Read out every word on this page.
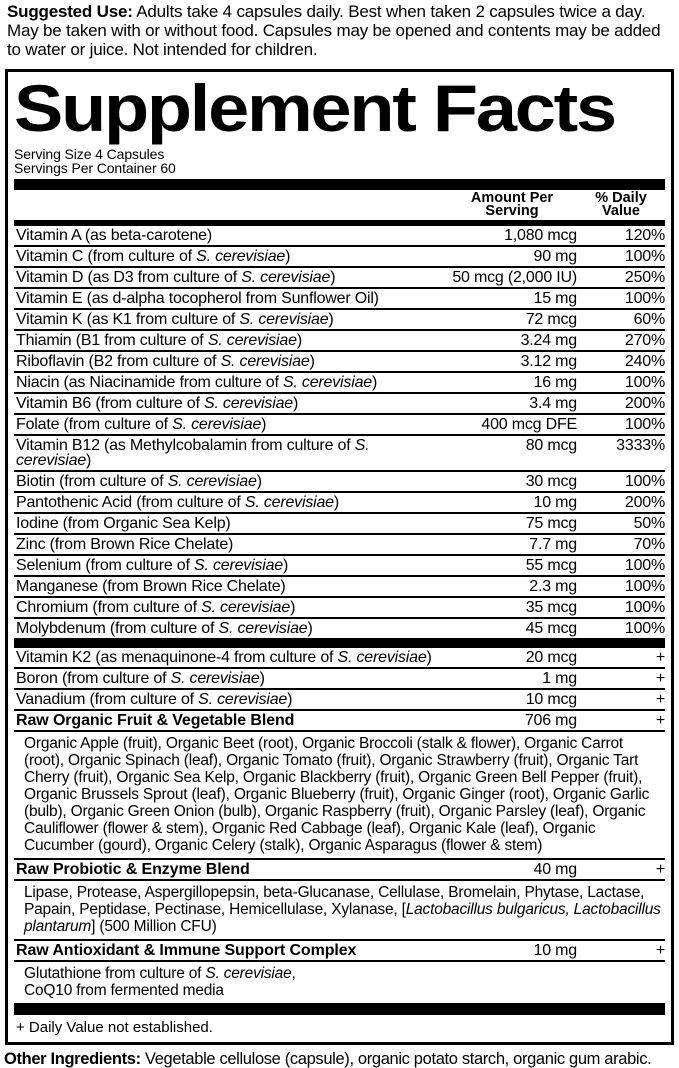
Suggested Use: Adults take 4 capsules daily. Best when taken 2 capsules twice a day. May be taken with or without food. Capsules may be opened and contents may be added to water or juice. Not intended for children.

Supplement Facts
Serving Size 4 Capsules
Servings Per Container 60
Amount Per
Serving
% Daily
Value
Vitamin A (as beta-carotene)	1,080 mcg	120%
Vitamin C (from culture of S. cerevisiae)	90 mg	100%
Vitamin D (as D3 from culture of S. cerevisiae)	50 mcg (2,000 IU)	250%
Vitamin E (as d-alpha tocopherol from Sunflower Oil)	15 mg	100%
Vitamin K (as K1 from culture of S. cerevisiae)	72 mcg	60%
Thiamin (B1 from culture of S. cerevisiae)	3.24 mg	270%
Riboflavin (B2 from culture of S. cerevisiae)	3.12 mg	240%
Niacin (as Niacinamide from culture of S. cerevisiae)	16 mg	100%
Vitamin B6 (from culture of S. cerevisiae)	3.4 mg	200%
Folate (from culture of S. cerevisiae)	400 mcg DFE	100%
Vitamin B12 (as Methylcobalamin from culture of S. cerevisiae)
80 mcg	3333%
Biotin (from culture of S. cerevisiae)	30 mcg	100%
Pantothenic Acid (from culture of S. cerevisiae)	10 mg	200%
Iodine (from Organic Sea Kelp)	75 mcg	50%
Zinc (from Brown Rice Chelate)	7.7 mg	70%
Selenium (from culture of S. cerevisiae)	55 mcg	100%
Manganese (from Brown Rice Chelate)	2.3 mg	100%
Chromium (from culture of S. cerevisiae)	35 mcg	100%
Molybdenum (from culture of S. cerevisiae)	45 mcg	100%
Vitamin K2 (as menaquinone-4 from culture of S. cerevisiae)	20 mcg	+
Boron (from culture of S. cerevisiae)	1 mg	+
Vanadium (from culture of S. cerevisiae)	10 mcg	+
Raw Organic Fruit & Vegetable Blend	706 mg	+
Organic Apple (fruit), Organic Beet (root), Organic Broccoli (stalk & flower), Organic Carrot (root), Organic Spinach (leaf), Organic Tomato (fruit), Organic Strawberry (fruit), Organic Tart Cherry (fruit), Organic Sea Kelp, Organic Blackberry (fruit), Organic Green Bell Pepper (fruit), Organic Brussels Sprout (leaf), Organic Blueberry (fruit), Organic Ginger (root), Organic Garlic (bulb), Organic Green Onion (bulb), Organic Raspberry (fruit), Organic Parsley (leaf), Organic Cauliflower (flower & stem), Organic Red Cabbage (leaf), Organic Kale (leaf), Organic Cucumber (gourd), Organic Celery (stalk), Organic Asparagus (flower & stem)
Raw Probiotic & Enzyme Blend	40 mg	+
Lipase, Protease, Aspergillopepsin, beta-Glucanase, Cellulase, Bromelain, Phytase, Lactase, Papain, Peptidase, Pectinase, Hemicellulase, Xylanase, [Lactobacillus bulgaricus, Lactobacillus plantarum] (500 Million CFU)
Raw Antioxidant & Immune Support Complex	10 mg	+
Glutathione from culture of S. cerevisiae,
CoQ10 from fermented media
+ Daily Value not established.

Other Ingredients: Vegetable cellulose (capsule), organic potato starch, organic gum arabic.
